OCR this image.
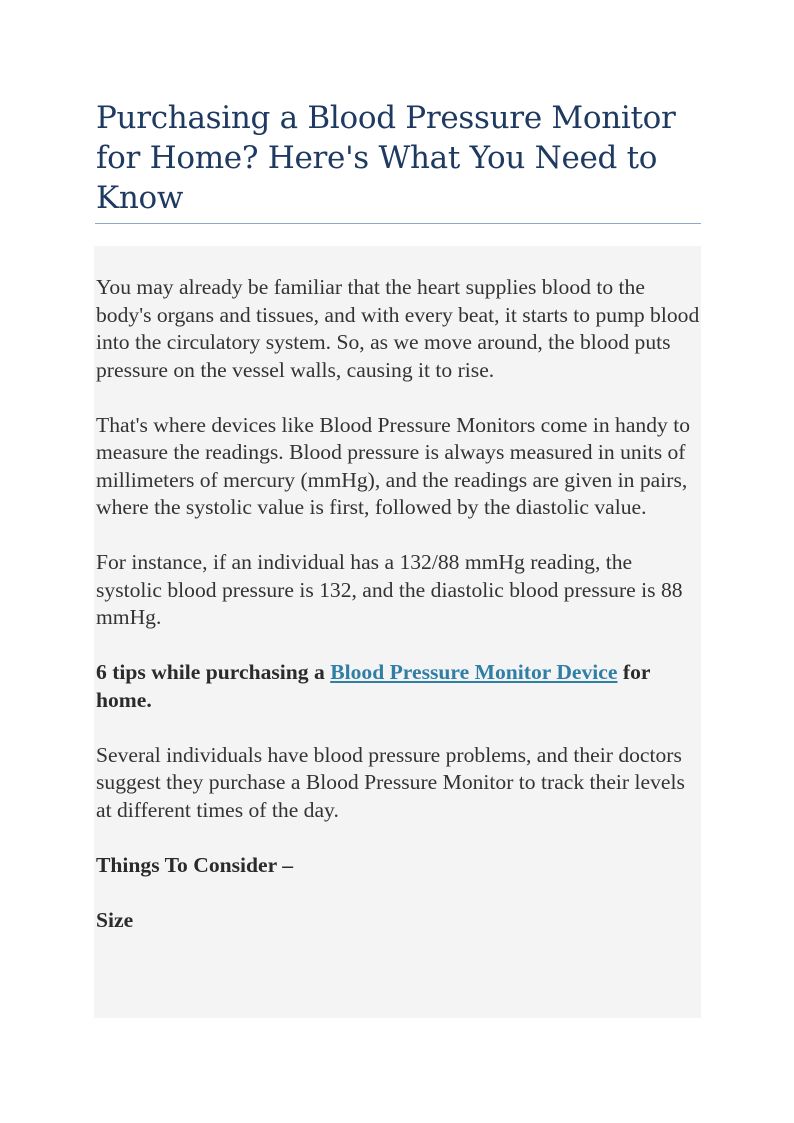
Purchasing a Blood Pressure Monitor for Home? Here's What You Need to Know

You may already be familiar that the heart supplies blood to the body's organs and tissues, and with every beat, it starts to pump blood into the circulatory system. So, as we move around, the blood puts pressure on the vessel walls, causing it to rise.

That's where devices like Blood Pressure Monitors come in handy to measure the readings. Blood pressure is always measured in units of millimeters of mercury (mmHg), and the readings are given in pairs, where the systolic value is first, followed by the diastolic value.

For instance, if an individual has a 132/88 mmHg reading, the systolic blood pressure is 132, and the diastolic blood pressure is 88 mmHg.

6 tips while purchasing a Blood Pressure Monitor Device for home.

Several individuals have blood pressure problems, and their doctors suggest they purchase a Blood Pressure Monitor to track their levels at different times of the day.

Things To Consider –
Size
